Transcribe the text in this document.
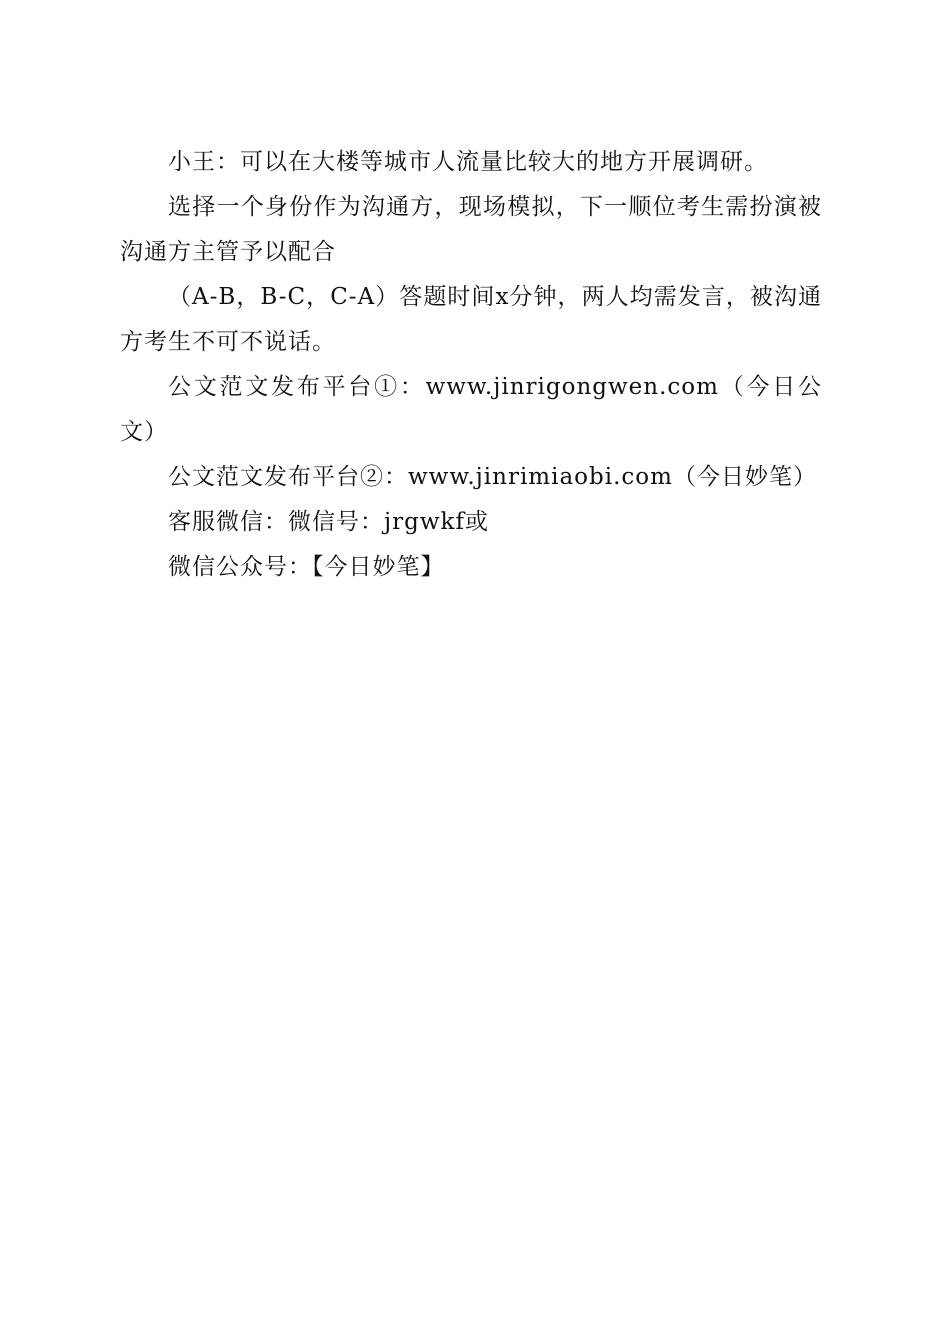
小王：可以在大楼等城市人流量比较大的地方开展调研。

选择一个身份作为沟通方，现场模拟，下一顺位考生需扮演被沟通方主管予以配合

（A-B，B-C，C-A）答题时间x分钟，两人均需发言，被沟通方考生不可不说话。

公文范文发布平台①：www.jinrigongwen.com（今日公文）

公文范文发布平台②：www.jinrimiaobi.com（今日妙笔）

客服微信：微信号：jrgwkf或

微信公众号：【今日妙笔】
